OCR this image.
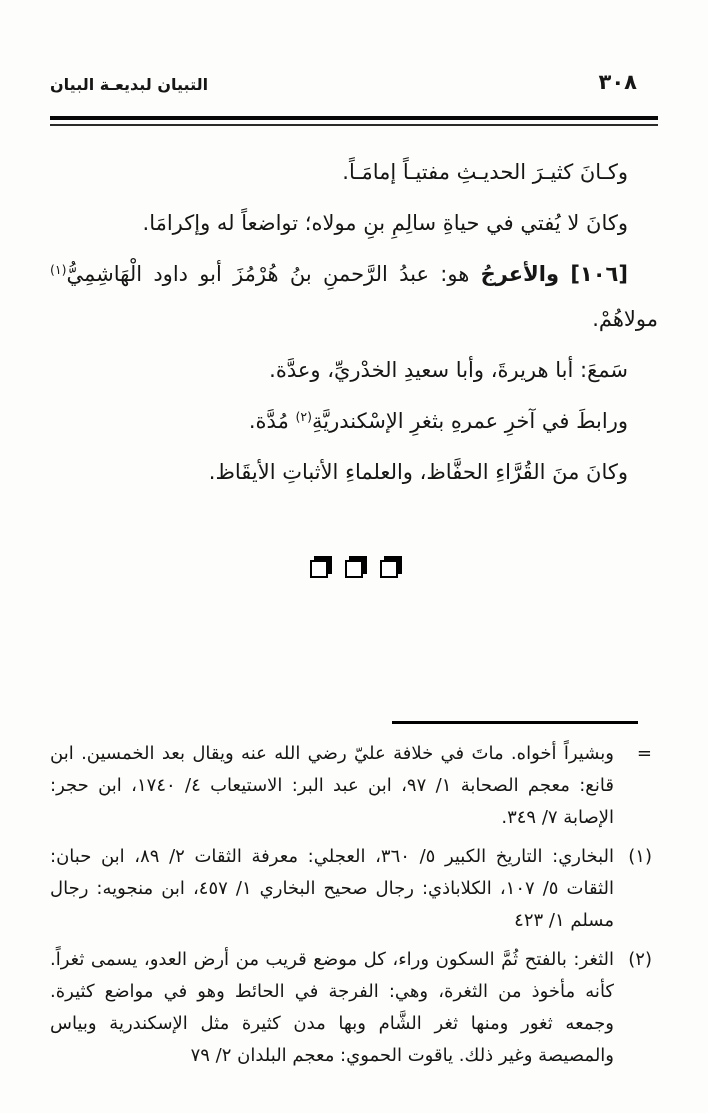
٣٠٨
التبيان لبديعـة البيان

وكـانَ كثيـرَ الحديـثِ مفتيـاً إمامَـاً.

وكانَ لا يُفتي في حياةِ سالِمِ بنِ مولاه؛ تواضعاً له وإكرامَا.

[١٠٦] والأعرجُ هو: عبدُ الرَّحمنِ بنُ هُرْمُزَ أبو داود الْهَاشِمِيُّ$^{(١)}$ مولاهُمْ.

سَمعَ: أبا هريرةَ، وأبا سعيدِ الخدْريِّ، وعدَّة.

ورابطَ في آخرِ عمرهِ بثغرِ الإسْكندريَّةِ$^{(٢)}$ مُدَّة.

وكانَ منَ القُرَّاءِ الحفَّاظ، والعلماءِ الأثباتِ الأيقَاظ.

=
وبشيراً أخواه. ماتَ في خلافة عليّ رضي الله عنه ويقال بعد الخمسين. ابن قانع: معجم الصحابة ١/ ٩٧، ابن عبد البر: الاستيعاب ٤/ ١٧٤٠، ابن حجر: الإصابة ٧/ ٣٤٩.
(١)
البخاري: التاريخ الكبير ٥/ ٣٦٠، العجلي: معرفة الثقات ٢/ ٨٩، ابن حبان: الثقات ٥/ ١٠٧، الكلاباذي: رجال صحيح البخاري ١/ ٤٥٧، ابن منجويه: رجال مسلم ١/ ٤٢٣
(٢)
الثغر: بالفتح ثُمَّ السكون وراء، كل موضع قريب من أرض العدو، يسمى ثغراً. كأنه مأخوذ من الثغرة، وهي: الفرجة في الحائط وهو في مواضع كثيرة. وجمعه ثغور ومنها ثغر الشَّام وبها مدن كثيرة مثل الإسكندرية وبياس والمصيصة وغير ذلك. ياقوت الحموي: معجم البلدان ٢/ ٧٩
